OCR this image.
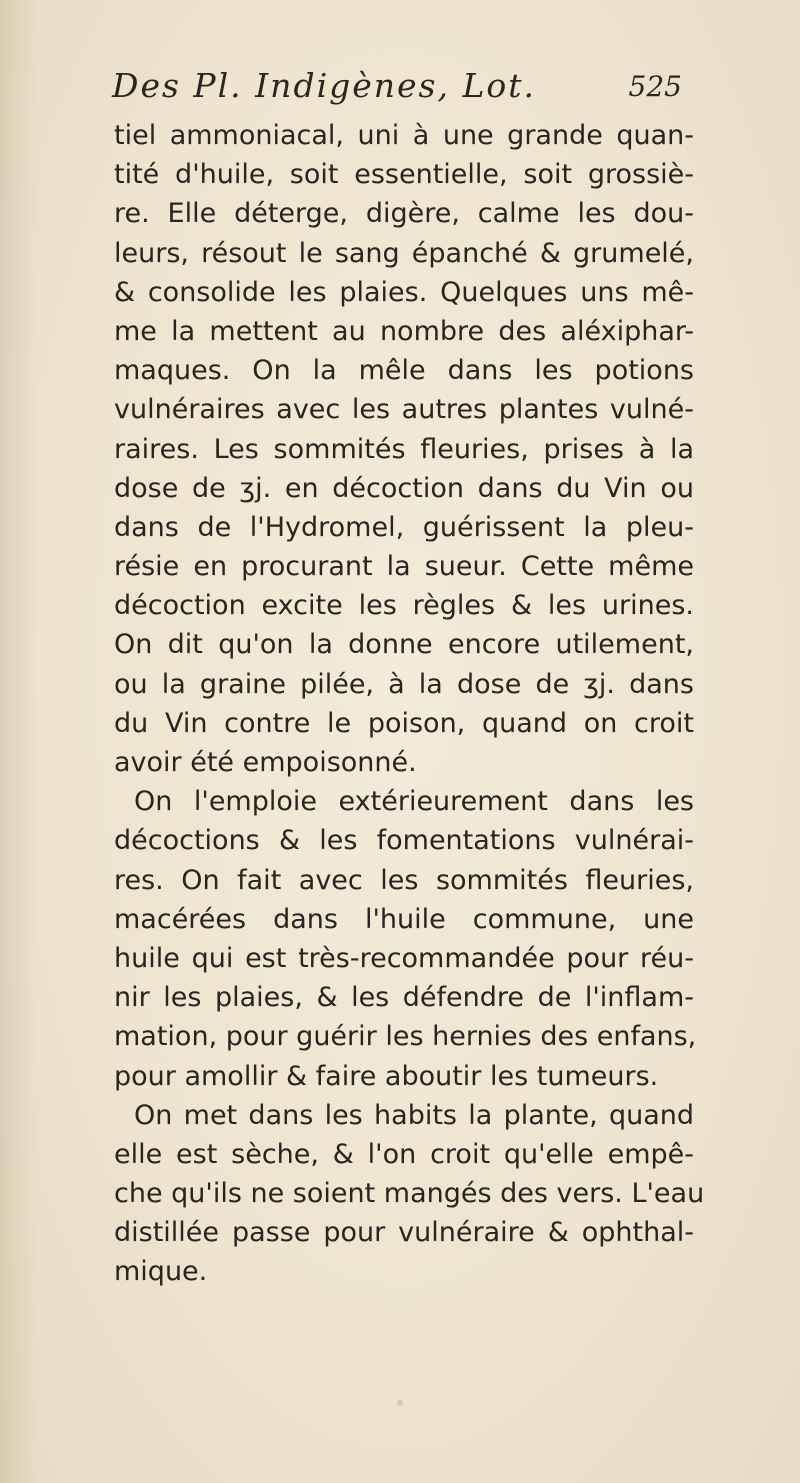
Des Pl. Indigènes, Lot.	525
tiel ammoniacal, uni à une grande quan-
tité d'huile, soit essentielle, soit grossiè-
re. Elle déterge, digère, calme les dou-
leurs, résout le sang épanché & grumelé,
& consolide les plaies. Quelques uns mê-
me la mettent au nombre des aléxiphar-
maques. On la mêle dans les potions
vulnéraires avec les autres plantes vulné-
raires. Les sommités fleuries, prises à la
dose de ʒj. en décoction dans du Vin ou
dans de l'Hydromel, guérissent la pleu-
résie en procurant la sueur. Cette même
décoction excite les règles & les urines.
On dit qu'on la donne encore utilement,
ou la graine pilée, à la dose de ʒj. dans
du Vin contre le poison, quand on croit
avoir été empoisonné.
On l'emploie extérieurement dans les
décoctions & les fomentations vulnérai-
res. On fait avec les sommités fleuries,
macérées dans l'huile commune, une
huile qui est très-recommandée pour réu-
nir les plaies, & les défendre de l'inflam-
mation, pour guérir les hernies des enfans,
pour amollir & faire aboutir les tumeurs.
On met dans les habits la plante, quand
elle est sèche, & l'on croit qu'elle empê-
che qu'ils ne soient mangés des vers. L'eau
distillée passe pour vulnéraire & ophthal-
mique.
